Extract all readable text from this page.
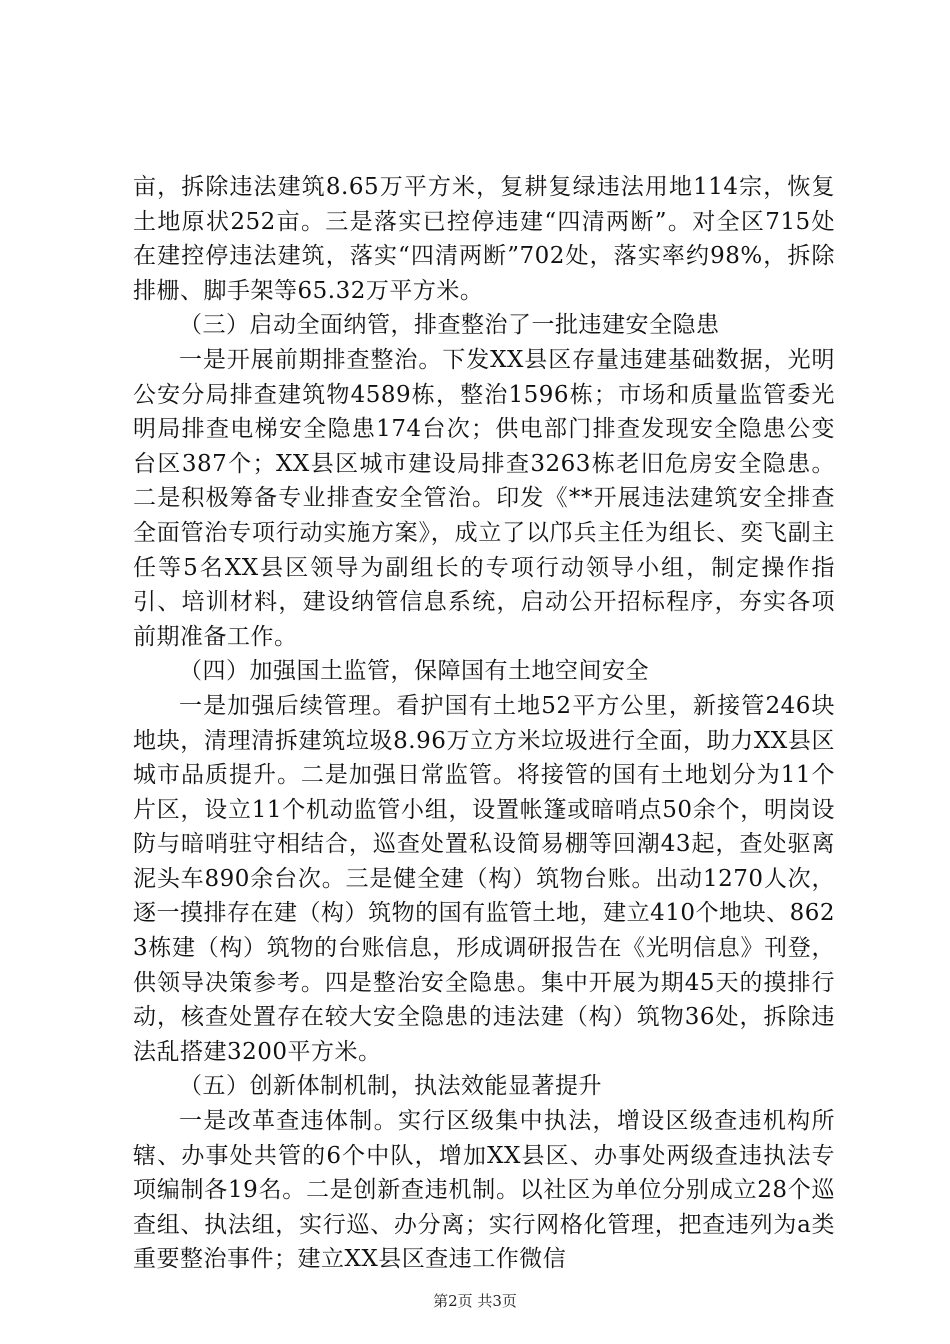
亩，拆除违法建筑8.65万平方米，复耕复绿违法用地114宗，恢复土地原状252亩。三是落实已控停违建“四清两断”。对全区715处在建控停违法建筑，落实“四清两断”702处，落实率约98%，拆除排栅、脚手架等65.32万平方米。

（三）启动全面纳管，排查整治了一批违建安全隐患

一是开展前期排查整治。下发XX县区存量违建基础数据，光明公安分局排查建筑物4589栋，整治1596栋；市场和质量监管委光明局排查电梯安全隐患174台次；供电部门排查发现安全隐患公变台区387个；XX县区城市建设局排查3263栋老旧危房安全隐患。二是积极筹备专业排查安全管治。印发《**开展违法建筑安全排查全面管治专项行动实施方案》，成立了以邝兵主任为组长、奕飞副主任等5名XX县区领导为副组长的专项行动领导小组，制定操作指引、培训材料，建设纳管信息系统，启动公开招标程序，夯实各项前期准备工作。

（四）加强国土监管，保障国有土地空间安全

一是加强后续管理。看护国有土地52平方公里，新接管246块地块，清理清拆建筑垃圾8.96万立方米垃圾进行全面，助力XX县区城市品质提升。二是加强日常监管。将接管的国有土地划分为11个片区，设立11个机动监管小组，设置帐篷或暗哨点50余个，明岗设防与暗哨驻守相结合，巡查处置私设简易棚等回潮43起，查处驱离泥头车890余台次。三是健全建（构）筑物台账。出动1270人次，逐一摸排存在建（构）筑物的国有监管土地，建立410个地块、8623栋建（构）筑物的台账信息，形成调研报告在《光明信息》刊登，供领导决策参考。四是整治安全隐患。集中开展为期45天的摸排行动，核查处置存在较大安全隐患的违法建（构）筑物36处，拆除违法乱搭建3200平方米。

（五）创新体制机制，执法效能显著提升

一是改革查违体制。实行区级集中执法，增设区级查违机构所辖、办事处共管的6个中队，增加XX县区、办事处两级查违执法专项编制各19名。二是创新查违机制。以社区为单位分别成立28个巡查组、执法组，实行巡、办分离；实行网格化管理，把查违列为a类重要整治事件；建立XX县区查违工作微信

第2页 共3页
